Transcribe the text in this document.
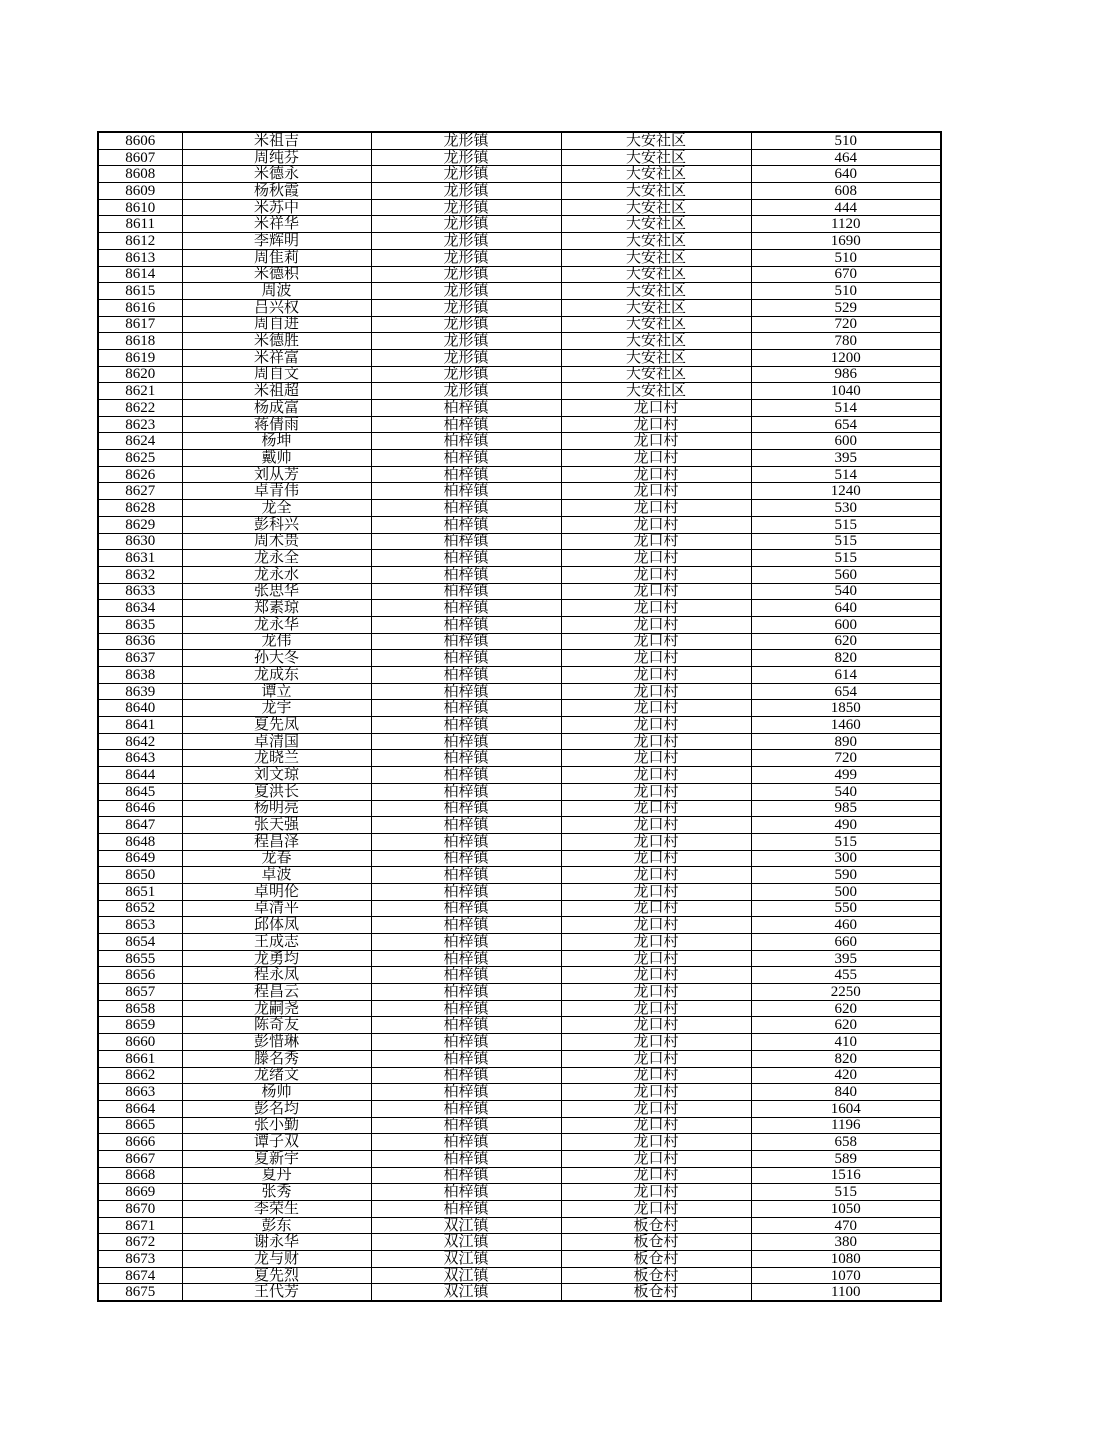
8606	米祖吉	龙形镇	大安社区	510
8607	周纯芬	龙形镇	大安社区	464
8608	米德永	龙形镇	大安社区	640
8609	杨秋霞	龙形镇	大安社区	608
8610	米苏中	龙形镇	大安社区	444
8611	米祥华	龙形镇	大安社区	1120
8612	李辉明	龙形镇	大安社区	1690
8613	周隹莉	龙形镇	大安社区	510
8614	米德积	龙形镇	大安社区	670
8615	周波	龙形镇	大安社区	510
8616	吕兴权	龙形镇	大安社区	529
8617	周自进	龙形镇	大安社区	720
8618	米德胜	龙形镇	大安社区	780
8619	米祥富	龙形镇	大安社区	1200
8620	周自文	龙形镇	大安社区	986
8621	米祖超	龙形镇	大安社区	1040
8622	杨成富	柏梓镇	龙口村	514
8623	蒋倩雨	柏梓镇	龙口村	654
8624	杨坤	柏梓镇	龙口村	600
8625	戴帅	柏梓镇	龙口村	395
8626	刘从芳	柏梓镇	龙口村	514
8627	卓青伟	柏梓镇	龙口村	1240
8628	龙全	柏梓镇	龙口村	530
8629	彭科兴	柏梓镇	龙口村	515
8630	周术贵	柏梓镇	龙口村	515
8631	龙永全	柏梓镇	龙口村	515
8632	龙永水	柏梓镇	龙口村	560
8633	张思华	柏梓镇	龙口村	540
8634	郑素琼	柏梓镇	龙口村	640
8635	龙永华	柏梓镇	龙口村	600
8636	龙伟	柏梓镇	龙口村	620
8637	孙大冬	柏梓镇	龙口村	820
8638	龙成东	柏梓镇	龙口村	614
8639	谭立	柏梓镇	龙口村	654
8640	龙宇	柏梓镇	龙口村	1850
8641	夏先凤	柏梓镇	龙口村	1460
8642	卓清国	柏梓镇	龙口村	890
8643	龙晓兰	柏梓镇	龙口村	720
8644	刘文琼	柏梓镇	龙口村	499
8645	夏洪长	柏梓镇	龙口村	540
8646	杨明亮	柏梓镇	龙口村	985
8647	张天强	柏梓镇	龙口村	490
8648	程昌泽	柏梓镇	龙口村	515
8649	龙春	柏梓镇	龙口村	300
8650	卓波	柏梓镇	龙口村	590
8651	卓明伦	柏梓镇	龙口村	500
8652	卓清平	柏梓镇	龙口村	550
8653	邱体凤	柏梓镇	龙口村	460
8654	王成志	柏梓镇	龙口村	660
8655	龙勇均	柏梓镇	龙口村	395
8656	程永凤	柏梓镇	龙口村	455
8657	程昌云	柏梓镇	龙口村	2250
8658	龙嗣尧	柏梓镇	龙口村	620
8659	陈奇友	柏梓镇	龙口村	620
8660	彭惜琳	柏梓镇	龙口村	410
8661	滕名秀	柏梓镇	龙口村	820
8662	龙绪文	柏梓镇	龙口村	420
8663	杨帅	柏梓镇	龙口村	840
8664	彭名均	柏梓镇	龙口村	1604
8665	张小勤	柏梓镇	龙口村	1196
8666	谭子双	柏梓镇	龙口村	658
8667	夏新宇	柏梓镇	龙口村	589
8668	夏丹	柏梓镇	龙口村	1516
8669	张秀	柏梓镇	龙口村	515
8670	李荣生	柏梓镇	龙口村	1050
8671	彭东	双江镇	板仓村	470
8672	谢永华	双江镇	板仓村	380
8673	龙与财	双江镇	板仓村	1080
8674	夏先烈	双江镇	板仓村	1070
8675	王代芳	双江镇	板仓村	1100
